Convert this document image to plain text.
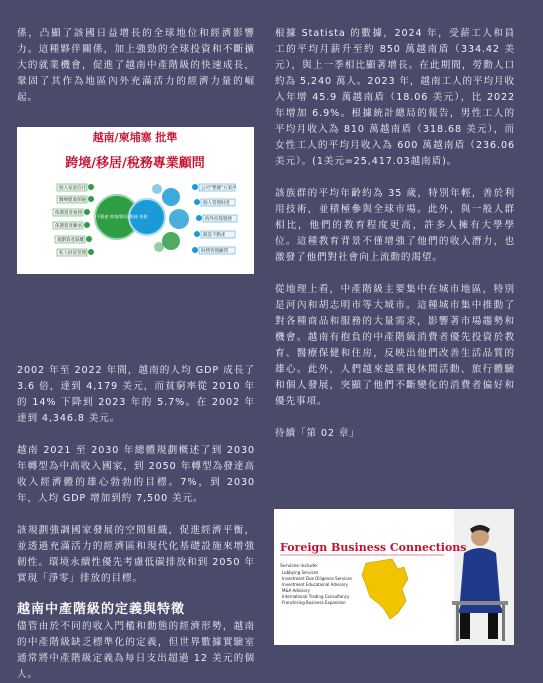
係，凸顯了該國日益增長的全球地位和經濟影響力。這種夥伴關係，加上強勁的全球投資和不斷擴大的就業機會，促進了越南中產階級的快速成長，鞏固了其作為地區內外充滿活力的經濟力量的崛起。

2002 年至 2022 年間，越南的人均 GDP 成長了 3.6 倍，達到 4,179 美元，而貧窮率從 2010 年的 14% 下降到 2023 年的 5.7%。在 2002 年達到 4,346.8 美元。

越南 2021 至 2030 年總體規劃概述了到 2030 年轉型為中高收入國家，到 2050 年轉型為發達高收入經濟體的雄心勃勃的目標。7%，到 2030 年，人均 GDP 增加到約 7,500 美元。

該規劃強調國家發展的空間組織，促進經濟平衡，並透過充滿活力的經濟區和現代化基礎設施來增強韌性。環境永續性優先考慮低碳排放和到 2050 年實現「淨零」排放的目標。

越南中產階級的定義與特徵

儘管由於不同的收入門檻和動態的經濟形勢，越南的中產階級缺乏標準化的定義，但世界數據實驗室通常將中產階級定義為每日支出超過 12 美元的個人。

根據 Statista 的數據，2024 年，受薪工人和員工的平均月薪升至約 850 萬越南盾（334.42 美元），與上一季相比顯著增長。在此期間，勞動人口約為 5,240 萬人。2023 年，越南工人的平均月收入年增 45.9 萬越南盾（18.06 美元），比 2022 年增加 6.9%。根據統計總局的報告，男性工人的平均月收入為 810 萬越南盾（318.68 美元），而女性工人的平均月收入為 600 萬越南盾（236.06美元）。(1美元=25,417.03越南盾)。

該族群的平均年齡約為 35 歲，特別年輕，善於利用技術，並積極參與全球市場。此外，與一般人群相比，他們的教育程度更高，許多人擁有大學學位。這種教育背景不僅增強了他們的收入潛力，也激發了他們對社會向上流動的渴望。

從地理上看，中產階級主要集中在城市地區，特別是河內和胡志明市等大城市。這種城市集中推動了對各種商品和服務的大量需求，影響著市場趨勢和機會。越南有抱負的中產階級消費者優先投資於教育、醫療保健和住房，反映出他們改善生活品質的雄心。此外，人們越來越重視休閒活動、旅行體驗和個人發展，突顯了他們不斷變化的消費者偏好和優先事項。

待續「第 02 章」

越南/柬埔寨 批準
跨境/移居/稅務專業顧問
個人家庭信托
醫療健康保險
保護資產稅務
保護資產繼承
規劃資產隔離
私人財富管理
土地/不動產 跨境/移居/稅務 投資
公司"整圖"方案戶
個人管理財產
海外投資服務
開設不動產
財務管理顧問
Foreign Business Connections
Services include:
Lobbying Services
Investment Due Diligence Services
Investment Educational Advisory
M&A Advisory
International Trading Consultancy
Franchising Business Expansion
